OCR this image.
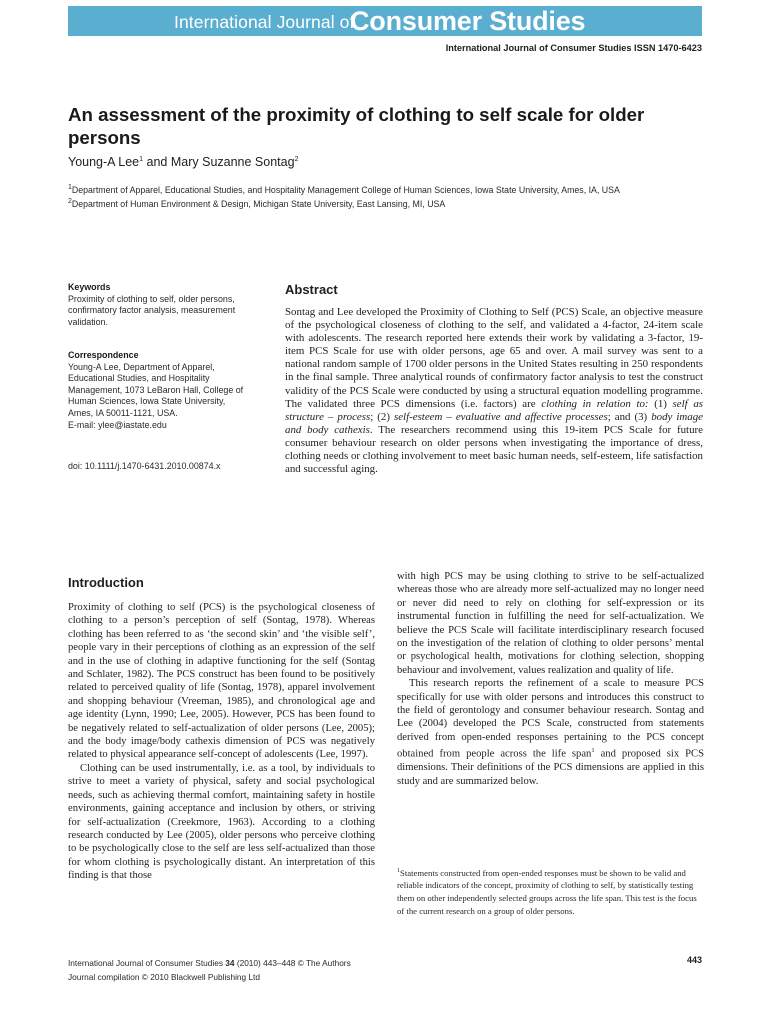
International Journal of
Consumer Studies
International Journal of Consumer Studies ISSN 1470-6423
An assessment of the proximity of clothing to self scale for older persons
Young-A Lee$^1$ and Mary Suzanne Sontag$^2$
$^1$Department of Apparel, Educational Studies, and Hospitality Management College of Human Sciences, Iowa State University, Ames, IA, USA
$^2$Department of Human Environment & Design, Michigan State University, East Lansing, MI, USA
Keywords

Proximity of clothing to self, older persons,

confirmatory factor analysis, measurement

validation.

Correspondence

Young-A Lee, Department of Apparel,

Educational Studies, and Hospitality

Management, 1073 LeBaron Hall, College of

Human Sciences, Iowa State University,

Ames, IA 50011-1121, USA.

E-mail: ylee@iastate.edu

doi: 10.1111/j.1470-6431.2010.00874.x
Abstract

Sontag and Lee developed the Proximity of Clothing to Self (PCS) Scale, an objective measure of the psychological closeness of clothing to the self, and validated a 4-factor, 24-item scale with adolescents. The research reported here extends their work by validating a 3-factor, 19-item PCS Scale for use with older persons, age 65 and over. A mail survey was sent to a national random sample of 1700 older persons in the United States resulting in 250 respondents in the final sample. Three analytical rounds of confirmatory factor analysis to test the construct validity of the PCS Scale were conducted by using a structural equation modelling programme. The validated three PCS dimensions (i.e. factors) are clothing in relation to: (1) self as structure – process; (2) self-esteem – evaluative and affective processes; and (3) body image and body cathexis. The researchers recommend using this 19-item PCS Scale for future consumer behaviour research on older persons when investigating the importance of dress, clothing needs or clothing involvement to meet basic human needs, self-esteem, life satisfaction and successful aging.

Introduction

Proximity of clothing to self (PCS) is the psychological closeness of clothing to a person’s perception of self (Sontag, 1978). Whereas clothing has been referred to as ‘the second skin’ and ‘the visible self’, people vary in their perceptions of clothing as an expression of the self and in the use of clothing in adaptive functioning for the self (Sontag and Schlater, 1982). The PCS construct has been found to be positively related to perceived quality of life (Sontag, 1978), apparel involvement and shopping behaviour (Vreeman, 1985), and chronological age and age identity (Lynn, 1990; Lee, 2005). However, PCS has been found to be negatively related to self-actualization of older persons (Lee, 2005); and the body image/body cathexis dimension of PCS was negatively related to physical appearance self-concept of adolescents (Lee, 1997).

Clothing can be used instrumentally, i.e. as a tool, by individuals to strive to meet a variety of physical, safety and social psychological needs, such as achieving thermal comfort, maintaining safety in hostile environments, gaining acceptance and inclusion by others, or striving for self-actualization (Creekmore, 1963). According to a clothing research conducted by Lee (2005), older persons who perceive clothing to be psychologically close to the self are less self-actualized than those for whom clothing is psychologically distant. An interpretation of this finding is that those

with high PCS may be using clothing to strive to be self-actualized whereas those who are already more self-actualized may no longer need or never did need to rely on clothing for self-expression or its instrumental function in fulfilling the need for self-actualization. We believe the PCS Scale will facilitate interdisciplinary research focused on the investigation of the relation of clothing to older persons’ mental or psychological health, motivations for clothing selection, shopping behaviour and involvement, values realization and quality of life.

This research reports the refinement of a scale to measure PCS specifically for use with older persons and introduces this construct to the field of gerontology and consumer behaviour research. Sontag and Lee (2004) developed the PCS Scale, constructed from statements derived from open-ended responses pertaining to the PCS concept obtained from people across the life span$^1$ and proposed six PCS dimensions. Their definitions of the PCS dimensions are applied in this study and are summarized below.

$^1$Statements constructed from open-ended responses must be shown to be valid and reliable indicators of the concept, proximity of clothing to self, by statistically testing them on other independently selected groups across the life span. This test is the focus of the current research on a group of older persons.

International Journal of Consumer Studies 34 (2010) 443–448 © The Authors
Journal compilation © 2010 Blackwell Publishing Ltd
443
